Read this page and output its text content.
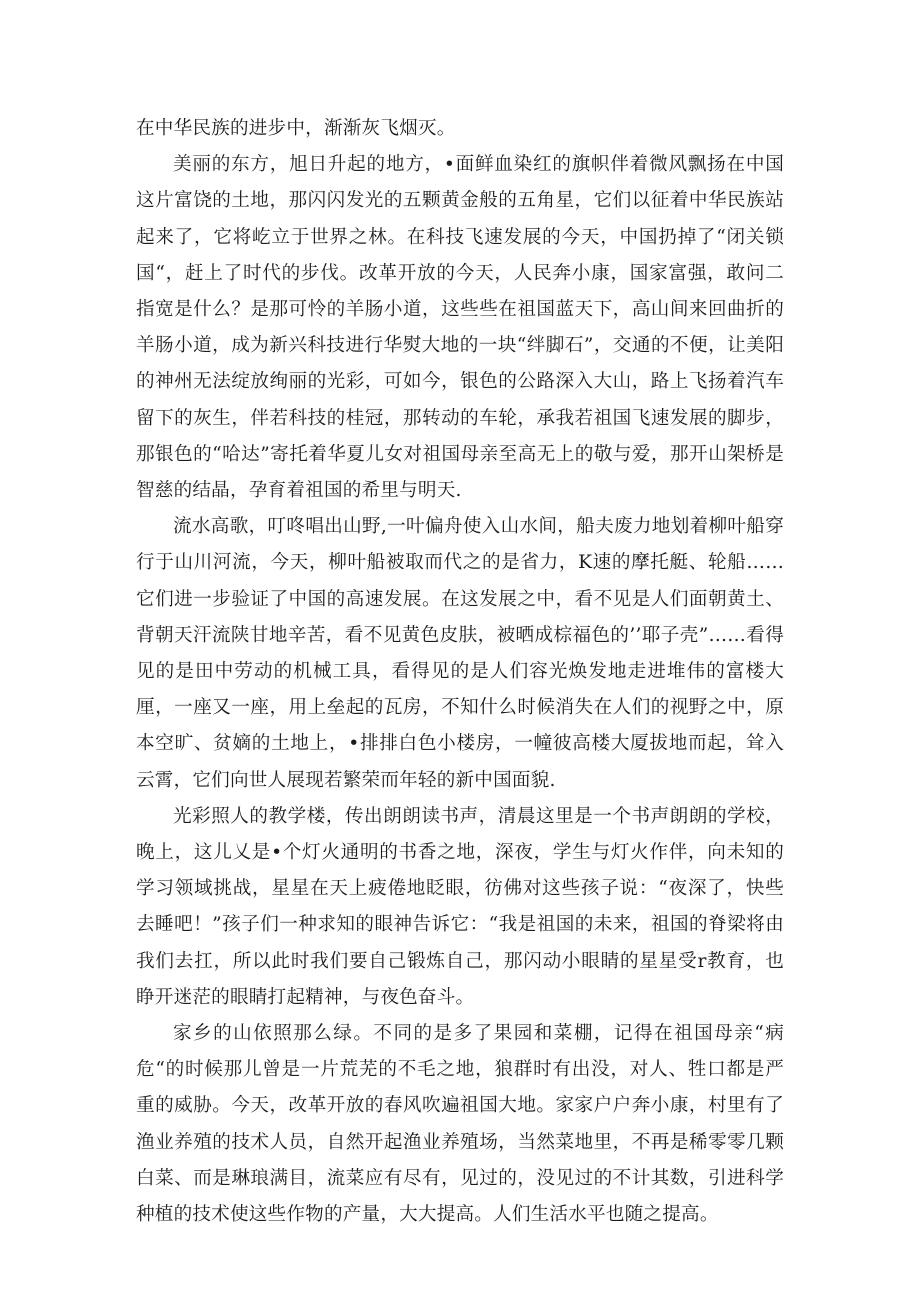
在中华民族的进步中，渐渐灰飞烟灭。

美丽的东方，旭日升起的地方，•面鲜血染红的旗帜伴着微风飘扬在中国这片富饶的土地，那闪闪发光的五颗黄金般的五角星，它们以征着中华民族站起来了，它将屹立于世界之林。在科技飞速发展的今天，中国扔掉了“闭关锁国“，赶上了时代的步伐。改革开放的今天，人民奔小康，国家富强，敢问二指宽是什么？是那可怜的羊肠小道，这些些在祖国蓝天下，高山间来回曲折的羊肠小道，成为新兴科技进行华熨大地的一块“绊脚石”，交通的不便，让美阳的神州无法绽放绚丽的光彩，可如今，银色的公路深入大山，路上飞扬着汽车留下的灰生，伴若科技的桂冠，那转动的车轮，承我若祖国飞速发展的脚步，那银色的“哈达”寄托着华夏儿女对祖国母亲至高无上的敬与爱，那开山架桥是智慈的结晶，孕育着祖国的希里与明天.

流水高歌，叮咚唱出山野,一叶偏舟使入山水间，船夫废力地划着柳叶船穿行于山川河流，今天，柳叶船被取而代之的是省力，K速的摩托艇、轮船……它们进一步验证了中国的高速发展。在这发展之中，看不见是人们面朝黄土、背朝天汗流陕甘地辛苦，看不见黄色皮肤，被晒成棕福色的’’耶子壳”……看得见的是田中劳动的机械工具，看得见的是人们容光焕发地走进堆伟的富楼大厘，一座又一座，用上垒起的瓦房，不知什么时候消失在人们的视野之中，原本空旷、贫嫡的土地上，•排排白色小楼房，一幢彼高楼大厦拔地而起，耸入云霄，它们向世人展现若繁荣而年轻的新中国面貌.

光彩照人的教学楼，传出朗朗读书声，清晨这里是一个书声朗朗的学校，晚上，这儿乂是•个灯火通明的书香之地，深夜，学生与灯火作伴，向未知的学习领域挑战，星星在天上疲倦地眨眼，彷佛对这些孩子说：“夜深了，快些去睡吧！”孩子们一种求知的眼神告诉它：“我是祖国的未来，祖国的脊梁将由我们去扛，所以此时我们要自己锻炼自己，那闪动小眼睛的星星受r教育，也睁开迷茫的眼睛打起精神，与夜色奋斗。

家乡的山依照那么绿。不同的是多了果园和菜棚，记得在祖国母亲“病危“的时候那儿曾是一片荒芜的不毛之地，狼群时有出没，对人、牲口都是严重的威胁。今天，改革开放的春风吹遍祖国大地。家家户户奔小康，村里有了渔业养殖的技术人员，自然开起渔业养殖场，当然菜地里，不再是稀零零几颗白菜、而是琳琅满目，流菜应有尽有，见过的，没见过的不计其数，引进科学种植的技术使这些作物的产量，大大提高。人们生活水平也随之提高。
